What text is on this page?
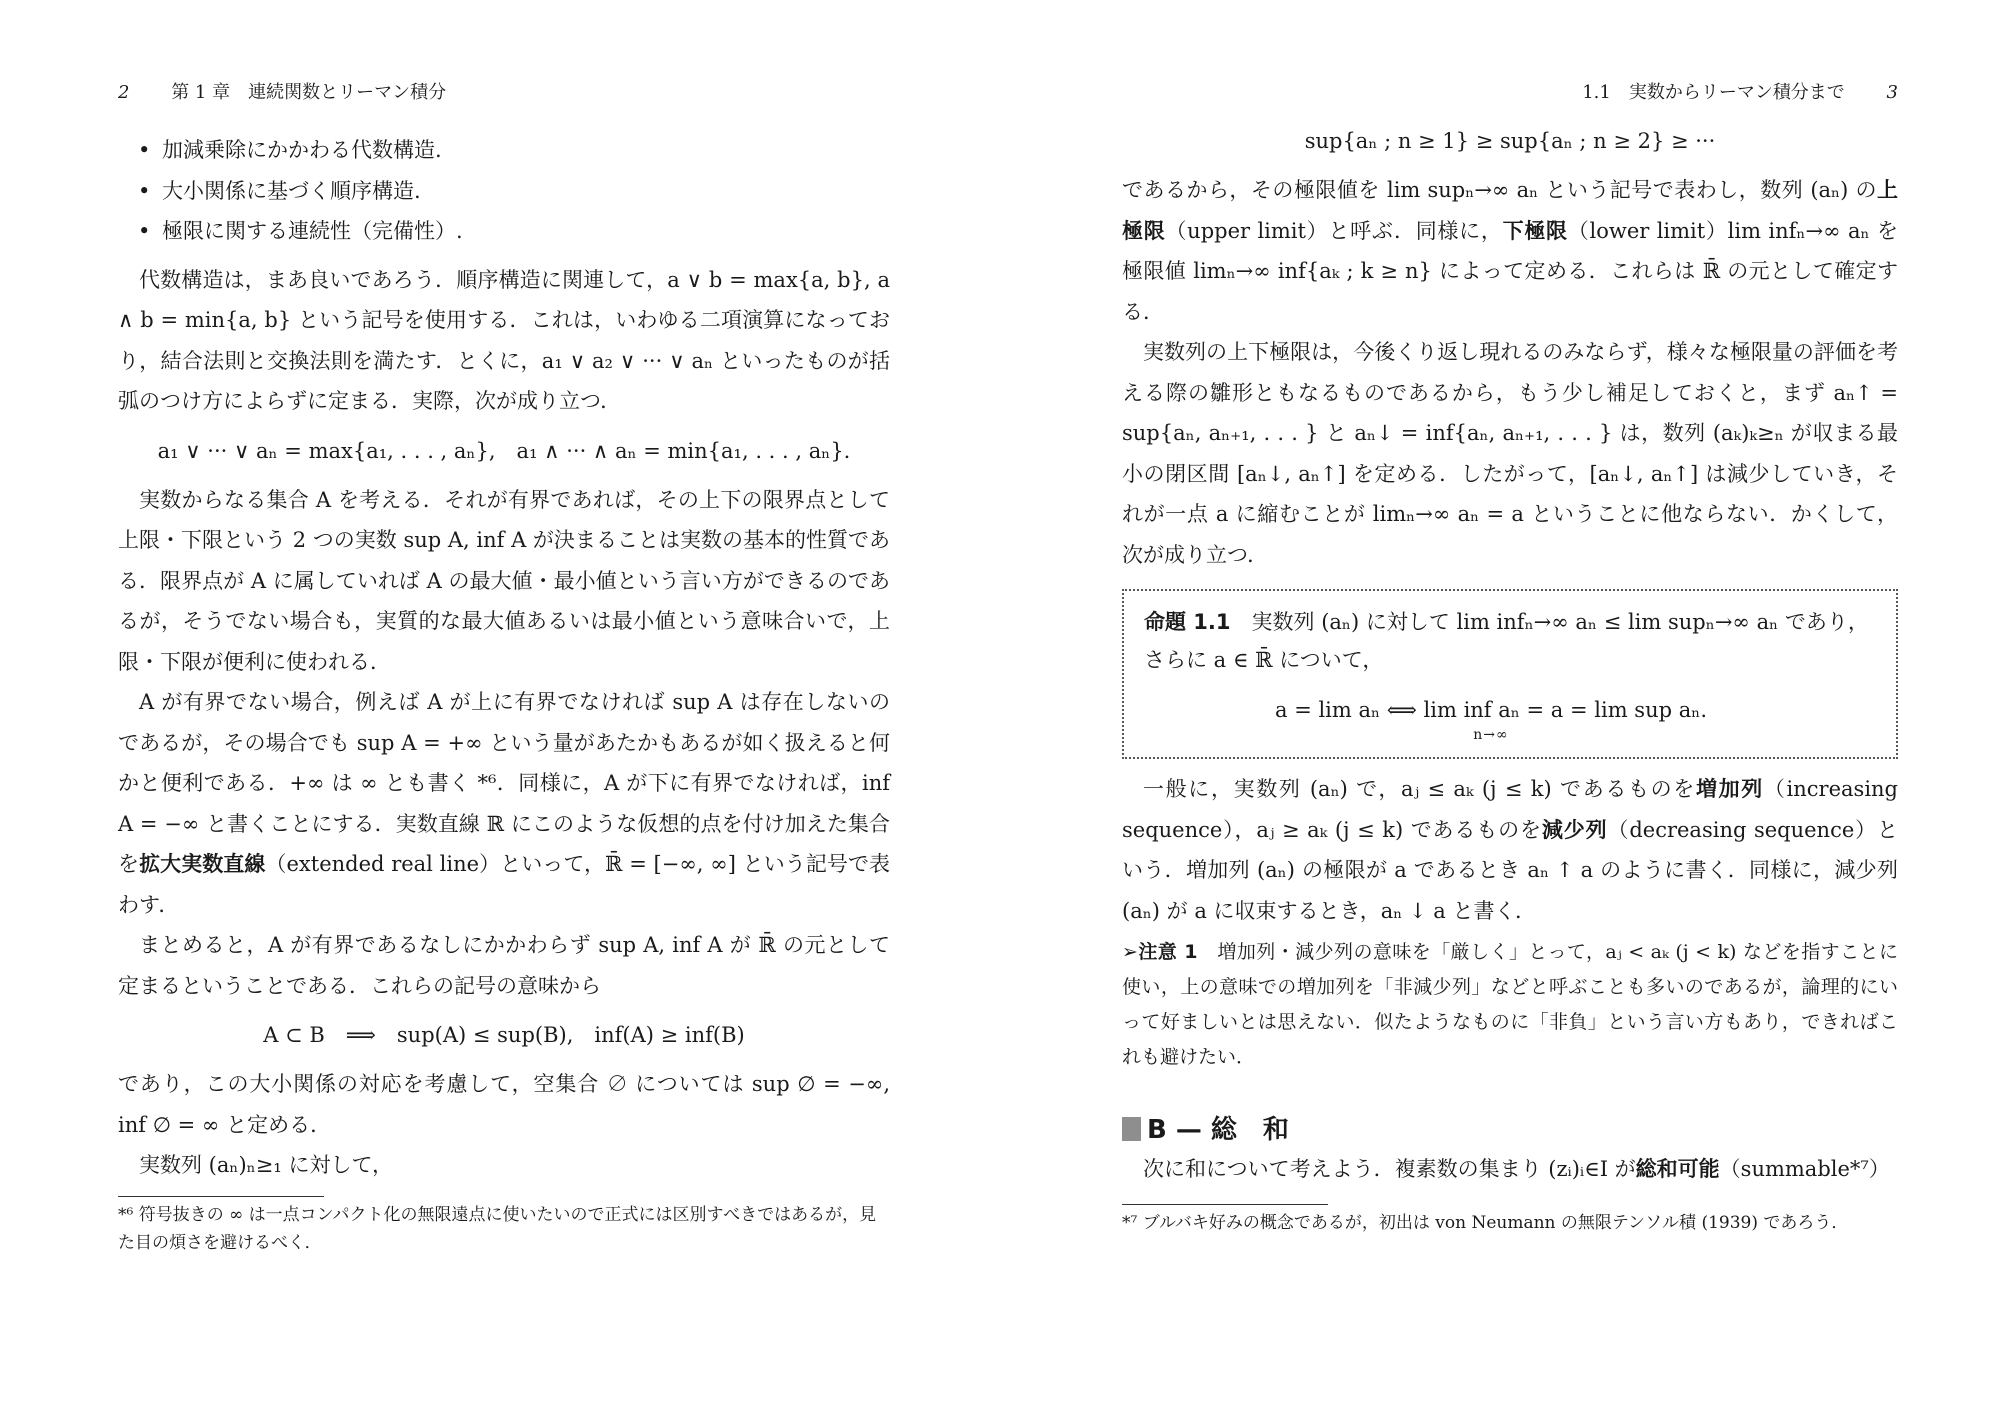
2 第 1 章　連続関数とリーマン積分
• 加減乗除にかかわる代数構造.
• 大小関係に基づく順序構造.
• 極限に関する連続性（完備性）.

代数構造は，まあ良いであろう．順序構造に関連して，a ∨ b = max{a, b}, a ∧ b = min{a, b} という記号を使用する．これは，いわゆる二項演算になっており，結合法則と交換法則を満たす．とくに，a₁ ∨ a₂ ∨ ··· ∨ aₙ といったものが括弧のつけ方によらずに定まる．実際，次が成り立つ．

a₁ ∨ ··· ∨ aₙ = max{a₁, . . . , aₙ},　a₁ ∧ ··· ∧ aₙ = min{a₁, . . . , aₙ}.

実数からなる集合 A を考える．それが有界であれば，その上下の限界点として上限・下限という 2 つの実数 sup A, inf A が決まることは実数の基本的性質である．限界点が A に属していれば A の最大値・最小値という言い方ができるのであるが，そうでない場合も，実質的な最大値あるいは最小値という意味合いで，上限・下限が便利に使われる．

A が有界でない場合，例えば A が上に有界でなければ sup A は存在しないのであるが，その場合でも sup A = +∞ という量があたかもあるが如く扱えると何かと便利である．+∞ は ∞ とも書く *⁶．同様に，A が下に有界でなければ，inf A = −∞ と書くことにする．実数直線 ℝ にこのような仮想的点を付け加えた集合を拡大実数直線（extended real line）といって，ℝ̄ = [−∞, ∞] という記号で表わす．

まとめると，A が有界であるなしにかかわらず sup A, inf A が ℝ̄ の元として定まるということである．これらの記号の意味から

A ⊂ B　⟹　sup(A) ≤ sup(B),　inf(A) ≥ inf(B)

であり，この大小関係の対応を考慮して，空集合 ∅ については sup ∅ = −∞, inf ∅ = ∞ と定める．

実数列 (aₙ)ₙ≥₁ に対して，

*⁶ 符号抜きの ∞ は一点コンパクト化の無限遠点に使いたいので正式には区別すべきではあるが，見た目の煩さを避けるべく．

1.1　実数からリーマン積分まで 3
sup{aₙ ; n ≥ 1} ≥ sup{aₙ ; n ≥ 2} ≥ ···

であるから，その極限値を lim supₙ→∞ aₙ という記号で表わし，数列 (aₙ) の上極限（upper limit）と呼ぶ．同様に，下極限（lower limit）lim infₙ→∞ aₙ を極限値 limₙ→∞ inf{aₖ ; k ≥ n} によって定める．これらは ℝ̄ の元として確定する．

実数列の上下極限は，今後くり返し現れるのみならず，様々な極限量の評価を考える際の雛形ともなるものであるから，もう少し補足しておくと，まず aₙ↑ = sup{aₙ, aₙ₊₁, . . . } と aₙ↓ = inf{aₙ, aₙ₊₁, . . . } は，数列 (aₖ)ₖ≥ₙ が収まる最小の閉区間 [aₙ↓, aₙ↑] を定める．したがって，[aₙ↓, aₙ↑] は減少していき，それが一点 a に縮むことが limₙ→∞ aₙ = a ということに他ならない．かくして，次が成り立つ．

命題 1.1　 実数列 (aₙ) に対して lim infₙ→∞ aₙ ≤ lim supₙ→∞ aₙ であり，さらに a ∈ ℝ̄ について，

a = lim aₙ ⟺ lim inf aₙ = a = lim sup aₙ.
n→∞

一般に，実数列 (aₙ) で，aⱼ ≤ aₖ (j ≤ k) であるものを増加列（increasing sequence），aⱼ ≥ aₖ (j ≤ k) であるものを減少列（decreasing sequence）という．増加列 (aₙ) の極限が a であるとき aₙ ↑ a のように書く．同様に，減少列 (aₙ) が a に収束するとき，aₙ ↓ a と書く．

➢注意 1　 増加列・減少列の意味を「厳しく」とって，aⱼ < aₖ (j < k) などを指すことに使い，上の意味での増加列を「非減少列」などと呼ぶことも多いのであるが，論理的にいって好ましいとは思えない．似たようなものに「非負」という言い方もあり，できればこれも避けたい．

B — 総　和

次に和について考えよう．複素数の集まり (zᵢ)ᵢ∈I が総和可能（summable*⁷）

*⁷ ブルバキ好みの概念であるが，初出は von Neumann の無限テンソル積 (1939) であろう．
